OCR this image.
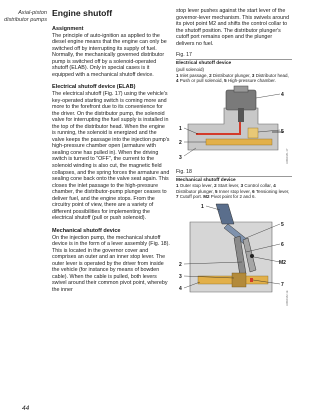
Axial-piston distributor pumps
44
Engine shutoff
Assignment

The principle of auto-ignition as applied to the diesel engine means that the engine can only be switched off by interrupting its supply of fuel. Normally, the mechanically governed distributor pump is switched off by a solenoid-operated shutoff (ELAB). Only in special cases is it equipped with a mechanical shutoff device.

Electrical shutoff device (ELAB)

The electrical shutoff (Fig. 17) using the vehicle's key-operated starting switch is coming more and more to the forefront due to its convenience for the driver. On the distributor pump, the solenoid valve for interrupting the fuel supply is installed in the top of the distributor head. When the engine is running, the solenoid is energized and the valve keeps the passage into the injection pump's high-pressure chamber open (armature with sealing cone has pulled in). When the driving switch is turned to "OFF", the current to the solenoid winding is also cut, the magnetic field collapses, and the spring forces the armature and sealing cone back onto the valve seat again. This closes the inlet passage to the high-pressure chamber, the distributor-pump plunger ceases to deliver fuel, and the engine stops. From the circuitry point of view, there are a variety of different possibilities for implementing the electrical shutoff (pull or push solenoid).

Mechanical shutoff device

On the injection pump, the mechanical shutoff device is in the form of a lever assembly (Fig. 18). This is located in the governor cover and comprises an outer and an inner stop lever. The outer lever is operated by the driver from inside the vehicle (for instance by means of bowden cable). When the cable is pulled, both levers swivel around their common pivot point, whereby the inner

stop lever pushes against the start lever of the governor-lever mechanism. This swivels around its pivot point M2 and shifts the control collar to the shutoff position. The distributor plunger's cutoff port remains open and the plunger delivers no fuel.

Fig. 17
Electrical shutoff device
(pull solenoid)
1 Inlet passage, 2 Distributor plunger, 3 Distributor head, 4 Push or pull solenoid, 5 High-pressure chamber.
4
1	5
2
3	UMK0181-1Y
Fig. 18
Mechanical shutoff device
1 Outer stop lever, 2 Start lever, 3 Control collar, 4 Distributor plunger, 5 Inner stop lever, 6 Tensioning lever, 7 Cutoff port. M2 Pivot point for 2 and 6.
1
5
6
M2
2
3
7
4
UMK0182-1E
